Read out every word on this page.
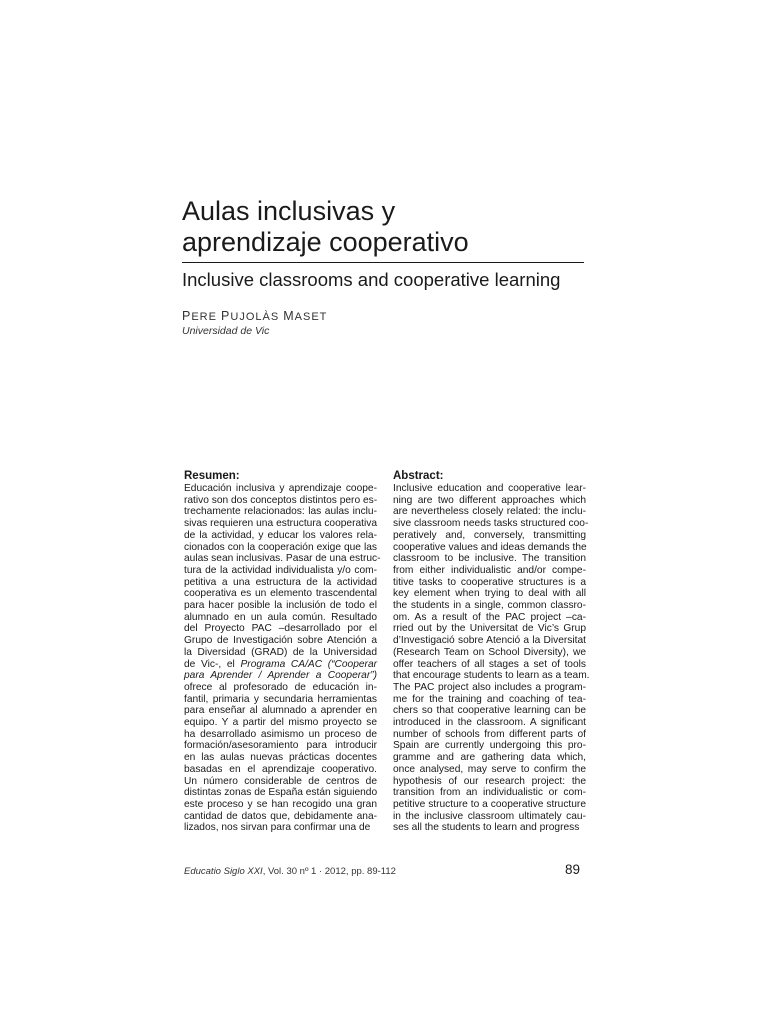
Aulas inclusivas y
aprendizaje cooperativo
Inclusive classrooms and cooperative learning
PERE PUJOLÀS MASET
Universidad de Vic
Resumen:

Educación inclusiva y aprendizaje coope-
rativo son dos conceptos distintos pero es-
trechamente relacionados: las aulas inclu-
sivas requieren una estructura cooperativa
de la actividad, y educar los valores rela-
cionados con la cooperación exige que las
aulas sean inclusivas. Pasar de una estruc-
tura de la actividad individualista y/o com-
petitiva a una estructura de la actividad
cooperativa es un elemento trascendental
para hacer posible la inclusión de todo el
alumnado en un aula común. Resultado
del Proyecto PAC –desarrollado por el
Grupo de Investigación sobre Atención a
la Diversidad (GRAD) de la Universidad
de Vic-, el Programa CA/AC (“Cooperar
para Aprender / Aprender a Cooperar”)
ofrece al profesorado de educación in-
fantil, primaria y secundaria herramientas
para enseñar al alumnado a aprender en
equipo. Y a partir del mismo proyecto se
ha desarrollado asimismo un proceso de
formación/asesoramiento para introducir
en las aulas nuevas prácticas docentes
basadas en el aprendizaje cooperativo.
Un número considerable de centros de
distintas zonas de España están siguiendo
este proceso y se han recogido una gran
cantidad de datos que, debidamente ana-
lizados, nos sirvan para confirmar una de

Abstract:

Inclusive education and cooperative lear-
ning are two different approaches which
are nevertheless closely related: the inclu-
sive classroom needs tasks structured coo-
peratively and, conversely, transmitting
cooperative values and ideas demands the
classroom to be inclusive. The transition
from either individualistic and/or compe-
titive tasks to cooperative structures is a
key element when trying to deal with all
the students in a single, common classro-
om. As a result of the PAC project –ca-
rried out by the Universitat de Vic’s Grup
d’Investigació sobre Atenció a la Diversitat
(Research Team on School Diversity), we
offer teachers of all stages a set of tools
that encourage students to learn as a team.
The PAC project also includes a program-
me for the training and coaching of tea-
chers so that cooperative learning can be
introduced in the classroom. A significant
number of schools from different parts of
Spain are currently undergoing this pro-
gramme and are gathering data which,
once analysed, may serve to confirm the
hypothesis of our research project: the
transition from an individualistic or com-
petitive structure to a cooperative structure
in the inclusive classroom ultimately cau-
ses all the students to learn and progress

Educatio Siglo XXI, Vol. 30 nº 1 · 2012, pp. 89-112	89
